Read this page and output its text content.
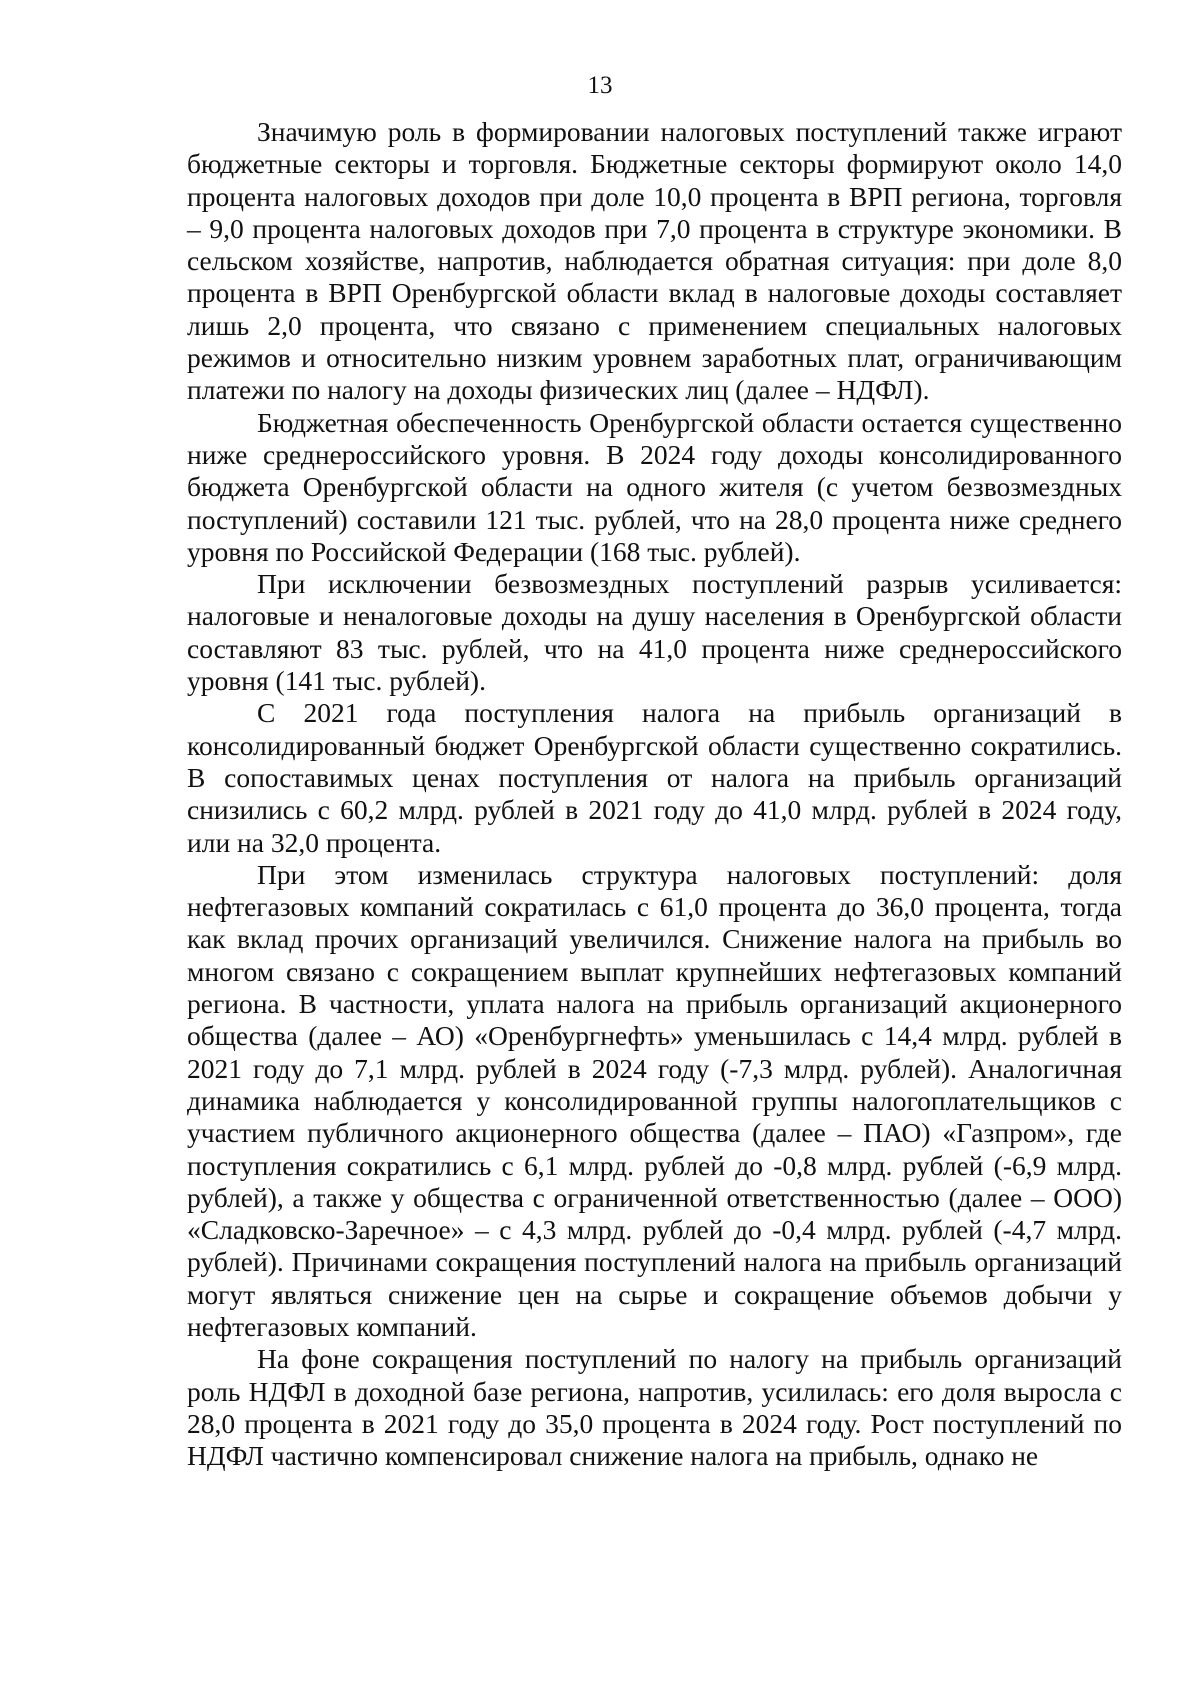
13

Значимую роль в формировании налоговых поступлений также играют бюджетные секторы и торговля. Бюджетные секторы формируют около 14,0 процента налоговых доходов при доле 10,0 процента в ВРП региона, торговля – 9,0 процента налоговых доходов при 7,0 процента в структуре экономики. В сельском хозяйстве, напротив, наблюдается обратная ситуация: при доле 8,0 процента в ВРП Оренбургской области вклад в налоговые доходы составляет лишь 2,0 процента, что связано с применением специальных налоговых режимов и относительно низким уровнем заработных плат, ограничивающим платежи по налогу на доходы физических лиц (далее – НДФЛ).

Бюджетная обеспеченность Оренбургской области остается существенно ниже среднероссийского уровня. В 2024 году доходы консолидированного бюджета Оренбургской области на одного жителя (с учетом безвозмездных поступлений) составили 121 тыс. рублей, что на 28,0 процента ниже среднего уровня по Российской Федерации (168 тыс. рублей).

При исключении безвозмездных поступлений разрыв усиливается: налоговые и неналоговые доходы на душу населения в Оренбургской области составляют 83 тыс. рублей, что на 41,0 процента ниже среднероссийского уровня (141 тыс. рублей).

С 2021 года поступления налога на прибыль организаций в консолидированный бюджет Оренбургской области существенно сократились. В сопоставимых ценах поступления от налога на прибыль организаций снизились с 60,2 млрд. рублей в 2021 году до 41,0 млрд. рублей в 2024 году, или на 32,0 процента.

При этом изменилась структура налоговых поступлений: доля нефтегазовых компаний сократилась с 61,0 процента до 36,0 процента, тогда как вклад прочих организаций увеличился. Снижение налога на прибыль во многом связано с сокращением выплат крупнейших нефтегазовых компаний региона. В частности, уплата налога на прибыль организаций акционерного общества (далее – АО) «Оренбургнефть» уменьшилась с 14,4 млрд. рублей в 2021 году до 7,1 млрд. рублей в 2024 году (-7,3 млрд. рублей). Аналогичная динамика наблюдается у консолидированной группы налогоплательщиков с участием публичного акционерного общества (далее – ПАО) «Газпром», где поступления сократились с 6,1 млрд. рублей до -0,8 млрд. рублей (-6,9 млрд. рублей), а также у общества с ограниченной ответственностью (далее – ООО) «Сладковско-Заречное» – с 4,3 млрд. рублей до -0,4 млрд. рублей (-4,7 млрд. рублей). Причинами сокращения поступлений налога на прибыль организаций могут являться снижение цен на сырье и сокращение объемов добычи у нефтегазовых компаний.

На фоне сокращения поступлений по налогу на прибыль организаций роль НДФЛ в доходной базе региона, напротив, усилилась: его доля выросла с 28,0 процента в 2021 году до 35,0 процента в 2024 году. Рост поступлений по НДФЛ частично компенсировал снижение налога на прибыль, однако не
